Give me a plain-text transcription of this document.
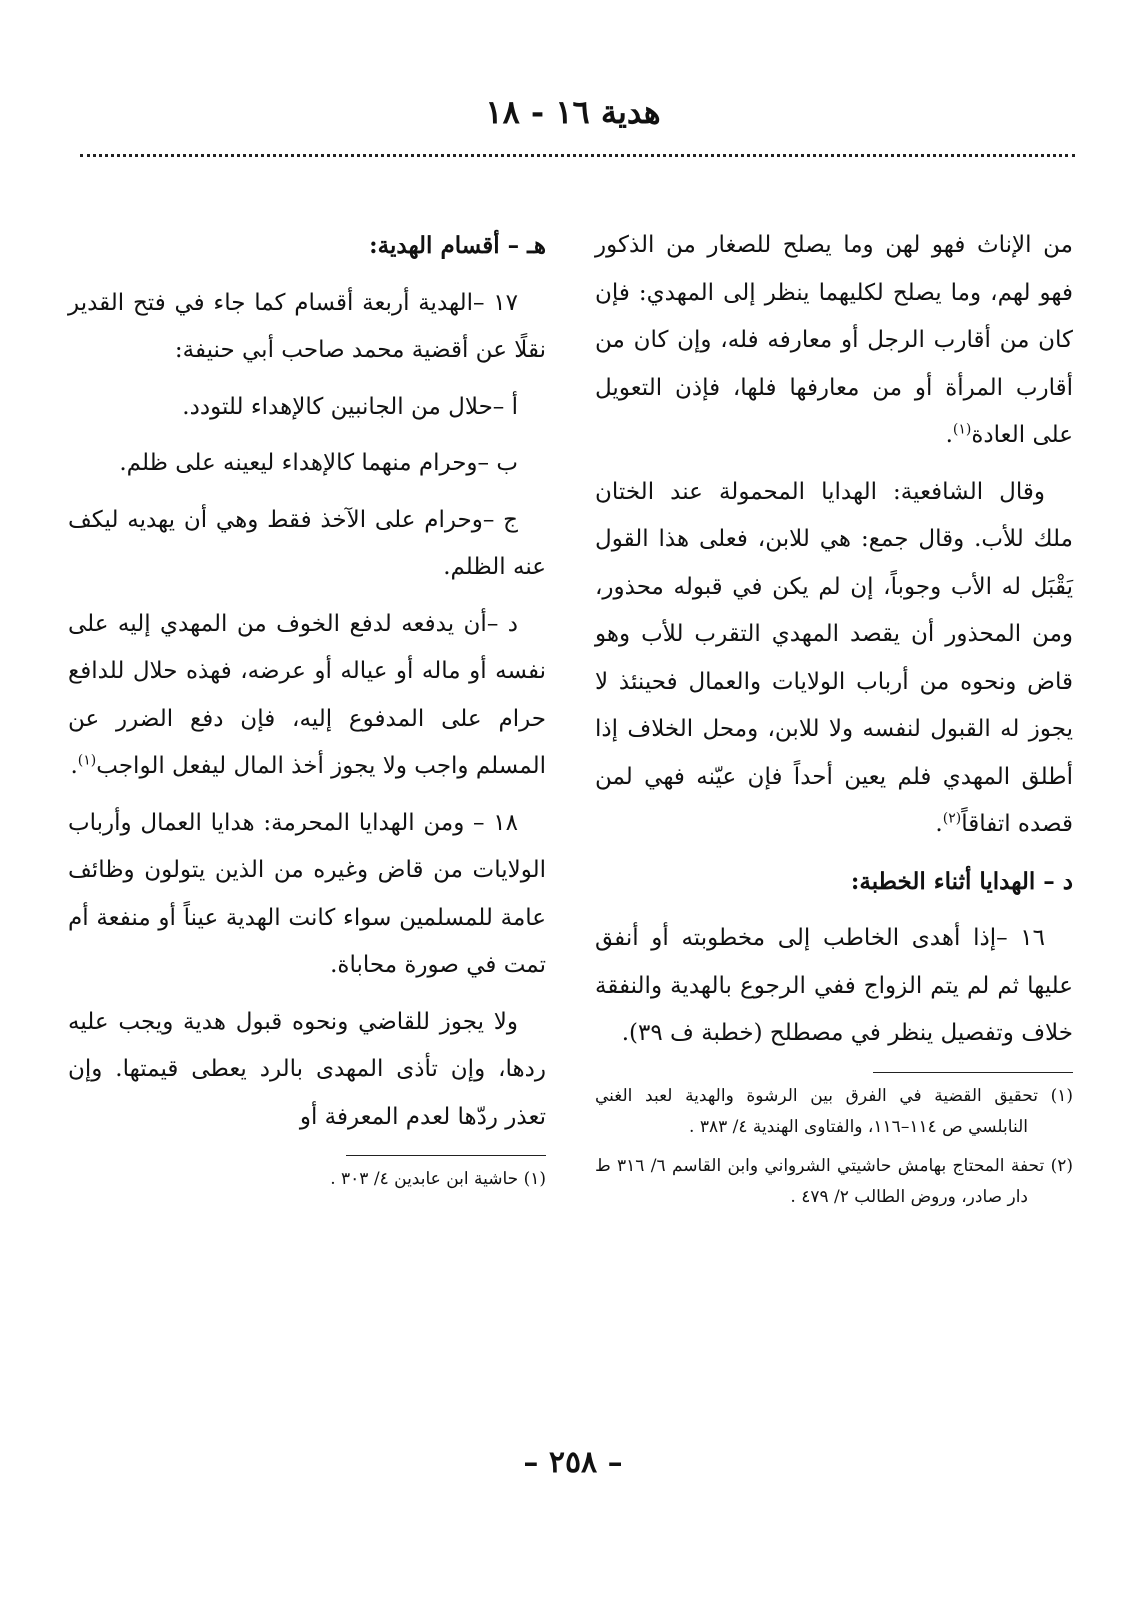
هدية ١٦ - ١٨

من الإناث فهو لهن وما يصلح للصغار من الذكور فهو لهم، وما يصلح لكليهما ينظر إلى المهدي: فإن كان من أقارب الرجل أو معارفه فله، وإن كان من أقارب المرأة أو من معارفها فلها، فإذن التعويل على العادة$^{(١)}$.

وقال الشافعية: الهدايا المحمولة عند الختان ملك للأب. وقال جمع: هي للابن، فعلى هذا القول يَقْبَل له الأب وجوباً، إن لم يكن في قبوله محذور، ومن المحذور أن يقصد المهدي التقرب للأب وهو قاض ونحوه من أرباب الولايات والعمال فحينئذ لا يجوز له القبول لنفسه ولا للابن، ومحل الخلاف إذا أطلق المهدي فلم يعين أحداً فإن عيّنه فهي لمن قصده اتفاقاً$^{(٢)}$.

د – الهدايا أثناء الخطبة:

١٦ –إذا أهدى الخاطب إلى مخطوبته أو أنفق عليها ثم لم يتم الزواج ففي الرجوع بالهدية والنفقة خلاف وتفصيل ينظر في مصطلح (خطبة ف ٣٩).

(١) تحقيق القضية في الفرق بين الرشوة والهدية لعبد الغني النابلسي ص ١١٤–١١٦، والفتاوى الهندية ٤/ ٣٨٣ .

(٢) تحفة المحتاج بهامش حاشيتي الشرواني وابن القاسم ٦/ ٣١٦ ط دار صادر، وروض الطالب ٢/ ٤٧٩ .

هـ – أقسام الهدية:

١٧ –الهدية أربعة أقسام كما جاء في فتح القدير نقلًا عن أقضية محمد صاحب أبي حنيفة:

أ –حلال من الجانبين كالإهداء للتودد.

ب –وحرام منهما كالإهداء ليعينه على ظلم.

ج –وحرام على الآخذ فقط وهي أن يهديه ليكف عنه الظلم.

د –أن يدفعه لدفع الخوف من المهدي إليه على نفسه أو ماله أو عياله أو عرضه، فهذه حلال للدافع حرام على المدفوع إليه، فإن دفع الضرر عن المسلم واجب ولا يجوز أخذ المال ليفعل الواجب$^{(١)}$.

١٨ – ومن الهدايا المحرمة: هدايا العمال وأرباب الولايات من قاض وغيره من الذين يتولون وظائف عامة للمسلمين سواء كانت الهدية عيناً أو منفعة أم تمت في صورة محاباة.

ولا يجوز للقاضي ونحوه قبول هدية ويجب عليه ردها، وإن تأذى المهدى بالرد يعطى قيمتها. وإن تعذر ردّها لعدم المعرفة أو

(١) حاشية ابن عابدين ٤/ ٣٠٣ .

– ٢٥٨ –
